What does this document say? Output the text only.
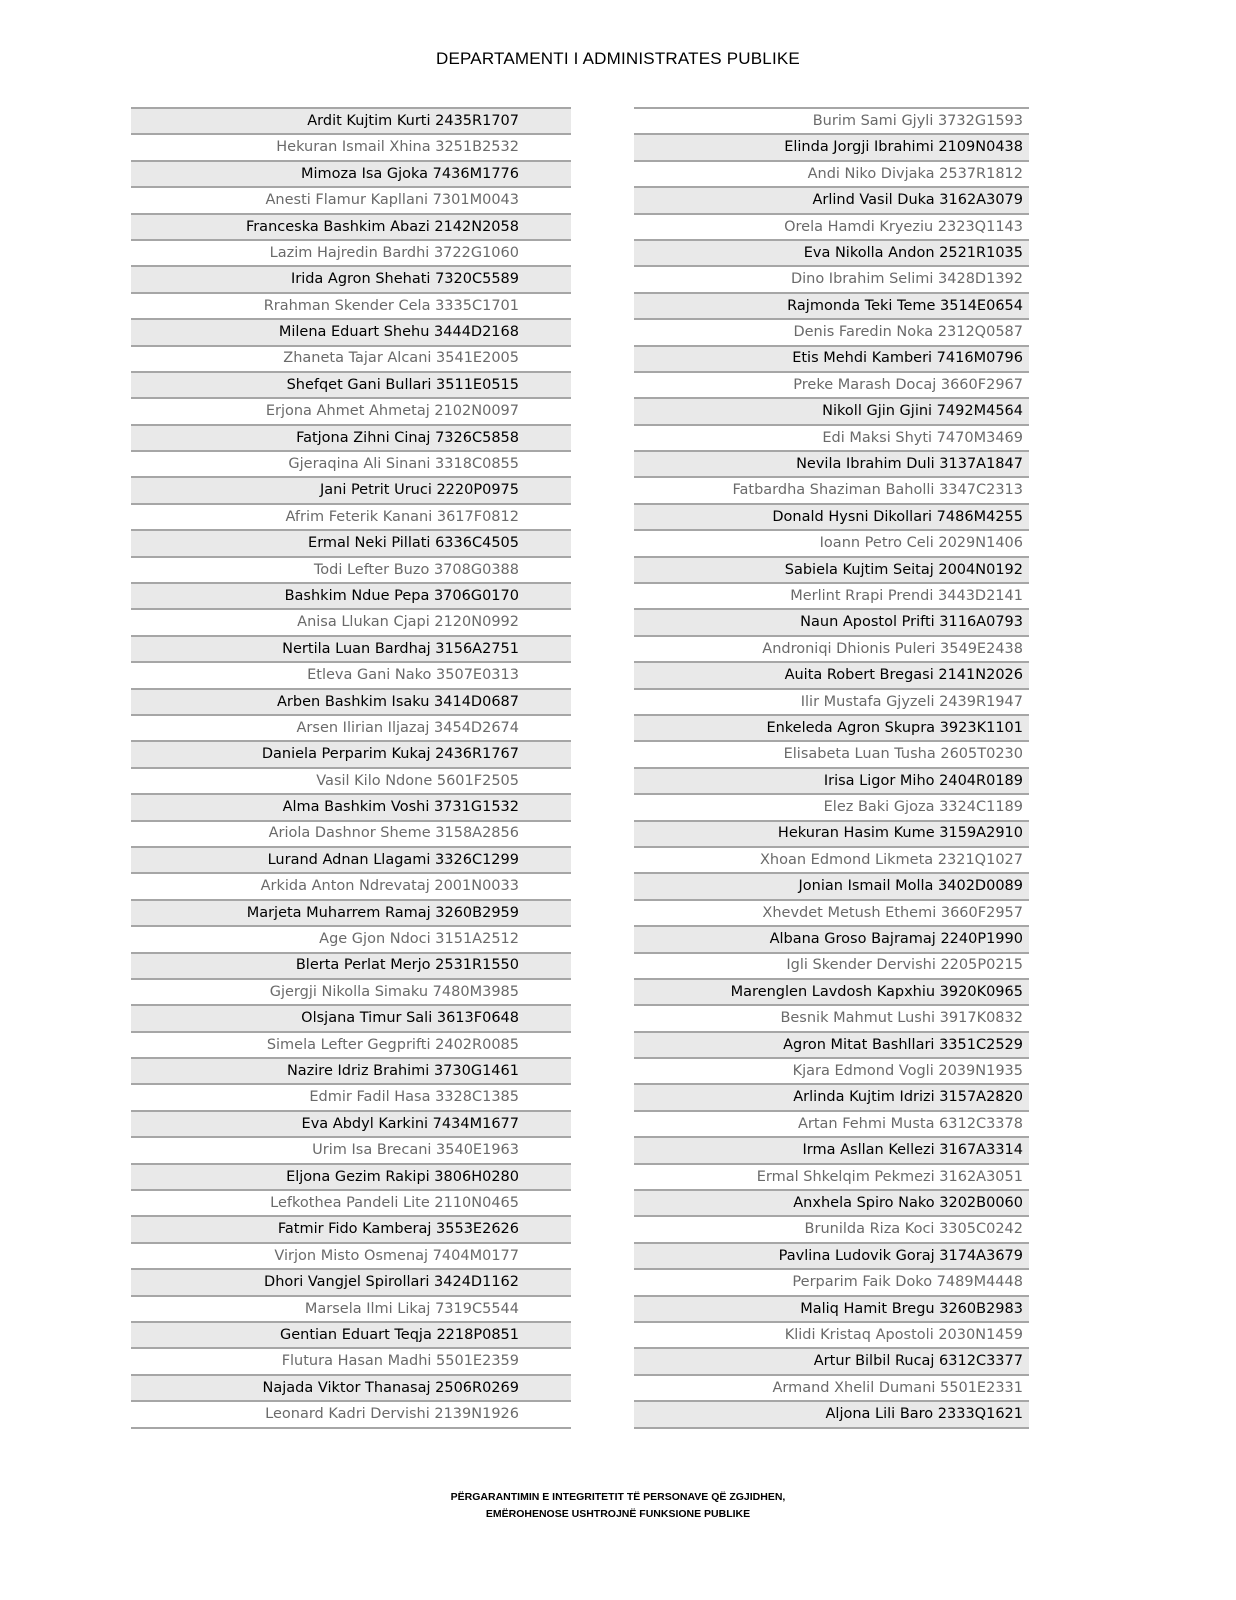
DEPARTAMENTI I ADMINISTRATES PUBLIKE
Ardit Kujtim Kurti 2435R1707
Hekuran Ismail Xhina 3251B2532
Mimoza Isa Gjoka 7436M1776
Anesti Flamur Kapllani 7301M0043
Franceska Bashkim Abazi 2142N2058
Lazim Hajredin Bardhi 3722G1060
Irida Agron Shehati 7320C5589
Rrahman Skender Cela 3335C1701
Milena Eduart Shehu 3444D2168
Zhaneta Tajar Alcani 3541E2005
Shefqet Gani Bullari 3511E0515
Erjona Ahmet Ahmetaj 2102N0097
Fatjona Zihni Cinaj 7326C5858
Gjeraqina Ali Sinani 3318C0855
Jani Petrit Uruci 2220P0975
Afrim Feterik Kanani 3617F0812
Ermal Neki Pillati 6336C4505
Todi Lefter Buzo 3708G0388
Bashkim Ndue Pepa 3706G0170
Anisa Llukan Cjapi 2120N0992
Nertila Luan Bardhaj 3156A2751
Etleva Gani Nako 3507E0313
Arben Bashkim Isaku 3414D0687
Arsen Ilirian Iljazaj 3454D2674
Daniela Perparim Kukaj 2436R1767
Vasil Kilo Ndone 5601F2505
Alma Bashkim Voshi 3731G1532
Ariola Dashnor Sheme 3158A2856
Lurand Adnan Llagami 3326C1299
Arkida Anton Ndrevataj 2001N0033
Marjeta Muharrem Ramaj 3260B2959
Age Gjon Ndoci 3151A2512
Blerta Perlat Merjo 2531R1550
Gjergji Nikolla Simaku 7480M3985
Olsjana Timur Sali 3613F0648
Simela Lefter Gegprifti 2402R0085
Nazire Idriz Brahimi 3730G1461
Edmir Fadil Hasa 3328C1385
Eva Abdyl Karkini 7434M1677
Urim Isa Brecani 3540E1963
Eljona Gezim Rakipi 3806H0280
Lefkothea Pandeli Lite 2110N0465
Fatmir Fido Kamberaj 3553E2626
Virjon Misto Osmenaj 7404M0177
Dhori Vangjel Spirollari 3424D1162
Marsela Ilmi Likaj 7319C5544
Gentian Eduart Teqja 2218P0851
Flutura Hasan Madhi 5501E2359
Najada Viktor Thanasaj 2506R0269
Leonard Kadri Dervishi 2139N1926
Burim Sami Gjyli 3732G1593
Elinda Jorgji Ibrahimi 2109N0438
Andi Niko Divjaka 2537R1812
Arlind Vasil Duka 3162A3079
Orela Hamdi Kryeziu 2323Q1143
Eva Nikolla Andon 2521R1035
Dino Ibrahim Selimi 3428D1392
Rajmonda Teki Teme 3514E0654
Denis Faredin Noka 2312Q0587
Etis Mehdi Kamberi 7416M0796
Preke Marash Docaj 3660F2967
Nikoll Gjin Gjini 7492M4564
Edi Maksi Shyti 7470M3469
Nevila Ibrahim Duli 3137A1847
Fatbardha Shaziman Baholli 3347C2313
Donald Hysni Dikollari 7486M4255
Ioann Petro Celi 2029N1406
Sabiela Kujtim Seitaj 2004N0192
Merlint Rrapi Prendi 3443D2141
Naun Apostol Prifti 3116A0793
Androniqi Dhionis Puleri 3549E2438
Auita Robert Bregasi 2141N2026
Ilir Mustafa Gjyzeli 2439R1947
Enkeleda Agron Skupra 3923K1101
Elisabeta Luan Tusha 2605T0230
Irisa Ligor Miho 2404R0189
Elez Baki Gjoza 3324C1189
Hekuran Hasim Kume 3159A2910
Xhoan Edmond Likmeta 2321Q1027
Jonian Ismail Molla 3402D0089
Xhevdet Metush Ethemi 3660F2957
Albana Groso Bajramaj 2240P1990
Igli Skender Dervishi 2205P0215
Marenglen Lavdosh Kapxhiu 3920K0965
Besnik Mahmut Lushi 3917K0832
Agron Mitat Bashllari 3351C2529
Kjara Edmond Vogli 2039N1935
Arlinda Kujtim Idrizi 3157A2820
Artan Fehmi Musta 6312C3378
Irma Asllan Kellezi 3167A3314
Ermal Shkelqim Pekmezi 3162A3051
Anxhela Spiro Nako 3202B0060
Brunilda Riza Koci 3305C0242
Pavlina Ludovik Goraj 3174A3679
Perparim Faik Doko 7489M4448
Maliq Hamit Bregu 3260B2983
Klidi Kristaq Apostoli 2030N1459
Artur Bilbil Rucaj 6312C3377
Armand Xhelil Dumani 5501E2331
Aljona Lili Baro 2333Q1621
PËRGARANTIMIN E INTEGRITETIT TË PERSONAVE QË ZGJIDHEN,
EMËROHENOSE USHTROJNË FUNKSIONE PUBLIKE
